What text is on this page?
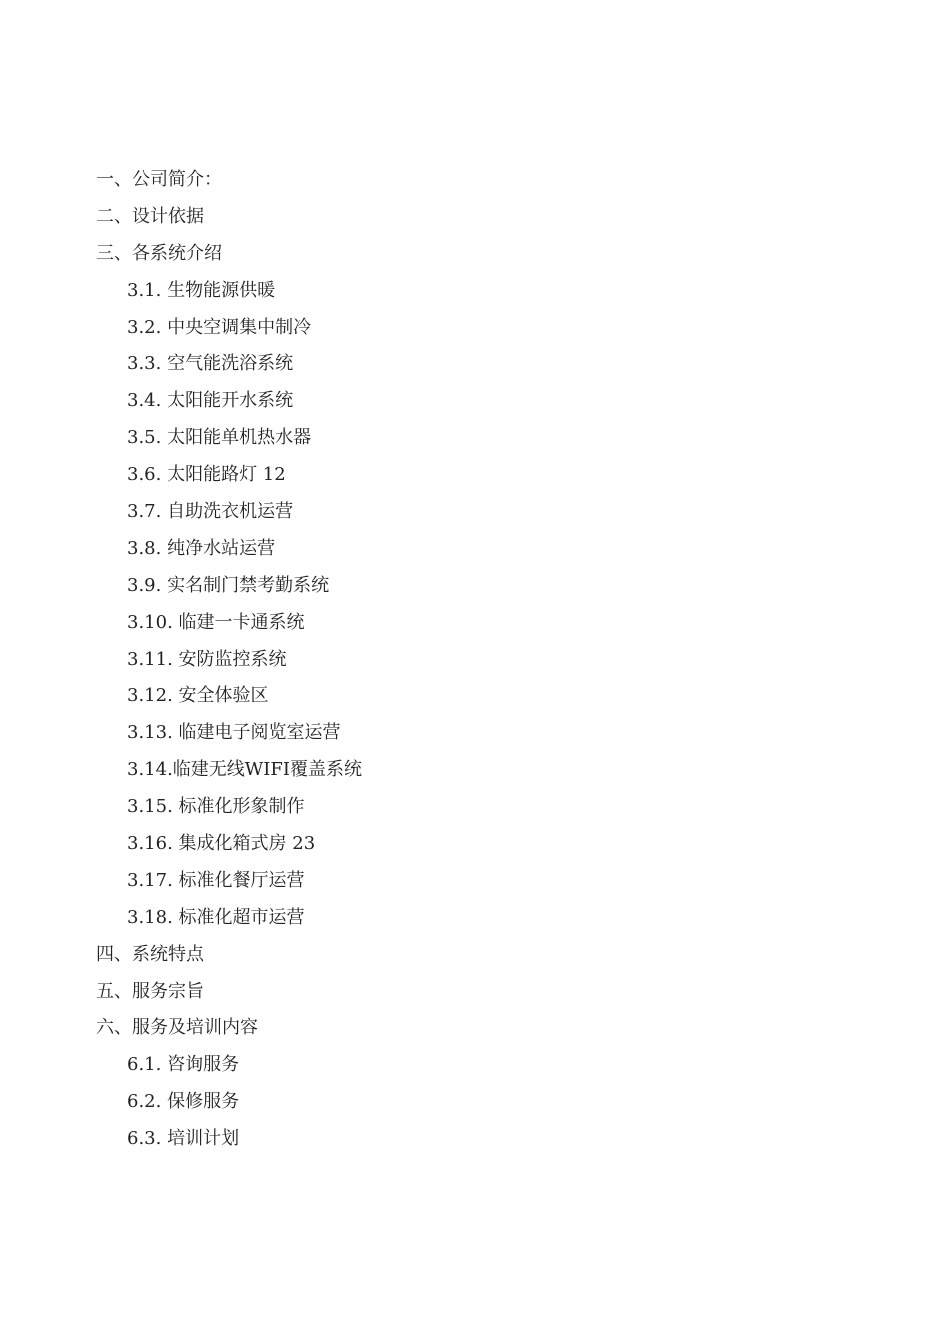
一、公司简介：
二、设计依据
三、各系统介绍
3.1. 生物能源供暖
3.2. 中央空调集中制冷
3.3. 空气能洗浴系统
3.4. 太阳能开水系统
3.5. 太阳能单机热水器
3.6. 太阳能路灯 12
3.7. 自助洗衣机运营
3.8. 纯净水站运营
3.9. 实名制门禁考勤系统
3.10. 临建一卡通系统
3.11. 安防监控系统
3.12. 安全体验区
3.13. 临建电子阅览室运营
3.14.临建无线WIFI覆盖系统
3.15. 标准化形象制作
3.16. 集成化箱式房 23
3.17. 标准化餐厅运营
3.18. 标准化超市运营
四、系统特点
五、服务宗旨
六、服务及培训内容
6.1. 咨询服务
6.2. 保修服务
6.3. 培训计划
